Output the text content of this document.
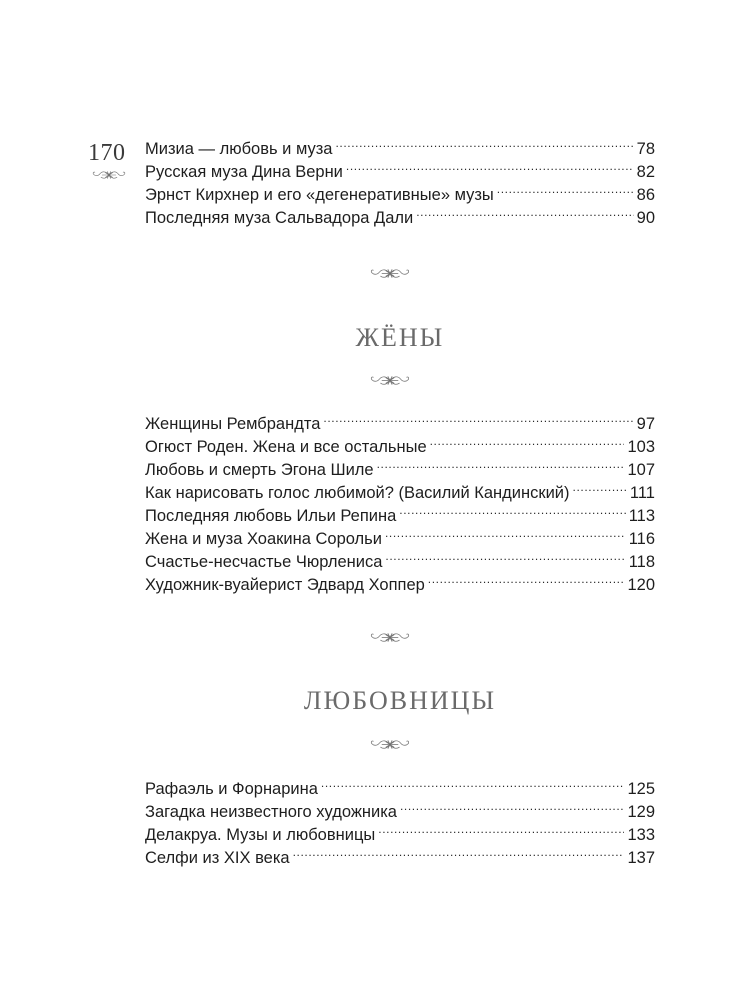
170 Мизиа — любовь и муза .....	78
Русская муза Дина Верни .....	82
Эрнст Кирхнер и его «дегенеративные» музы .....	86
Последняя муза Сальвадора Дали .....	90
ЖЁНЫ
Женщины Рембрандта .....	97
Огюст Роден. Жена и все остальные .....	103
Любовь и смерть Эгона Шиле .....	107
Как нарисовать голос любимой? (Василий Кандинский) .....	111
Последняя любовь Ильи Репина .....	113
Жена и муза Хоакина Сорольи .....	116
Счастье-несчастье Чюрлениса .....	118
Художник-вуайерист Эдвард Хоппер .....	120
ЛЮБОВНИЦЫ
Рафаэль и Форнарина .....	125
Загадка неизвестного художника .....	129
Делакруа. Музы и любовницы .....	133
Селфи из XIX века .....	137
